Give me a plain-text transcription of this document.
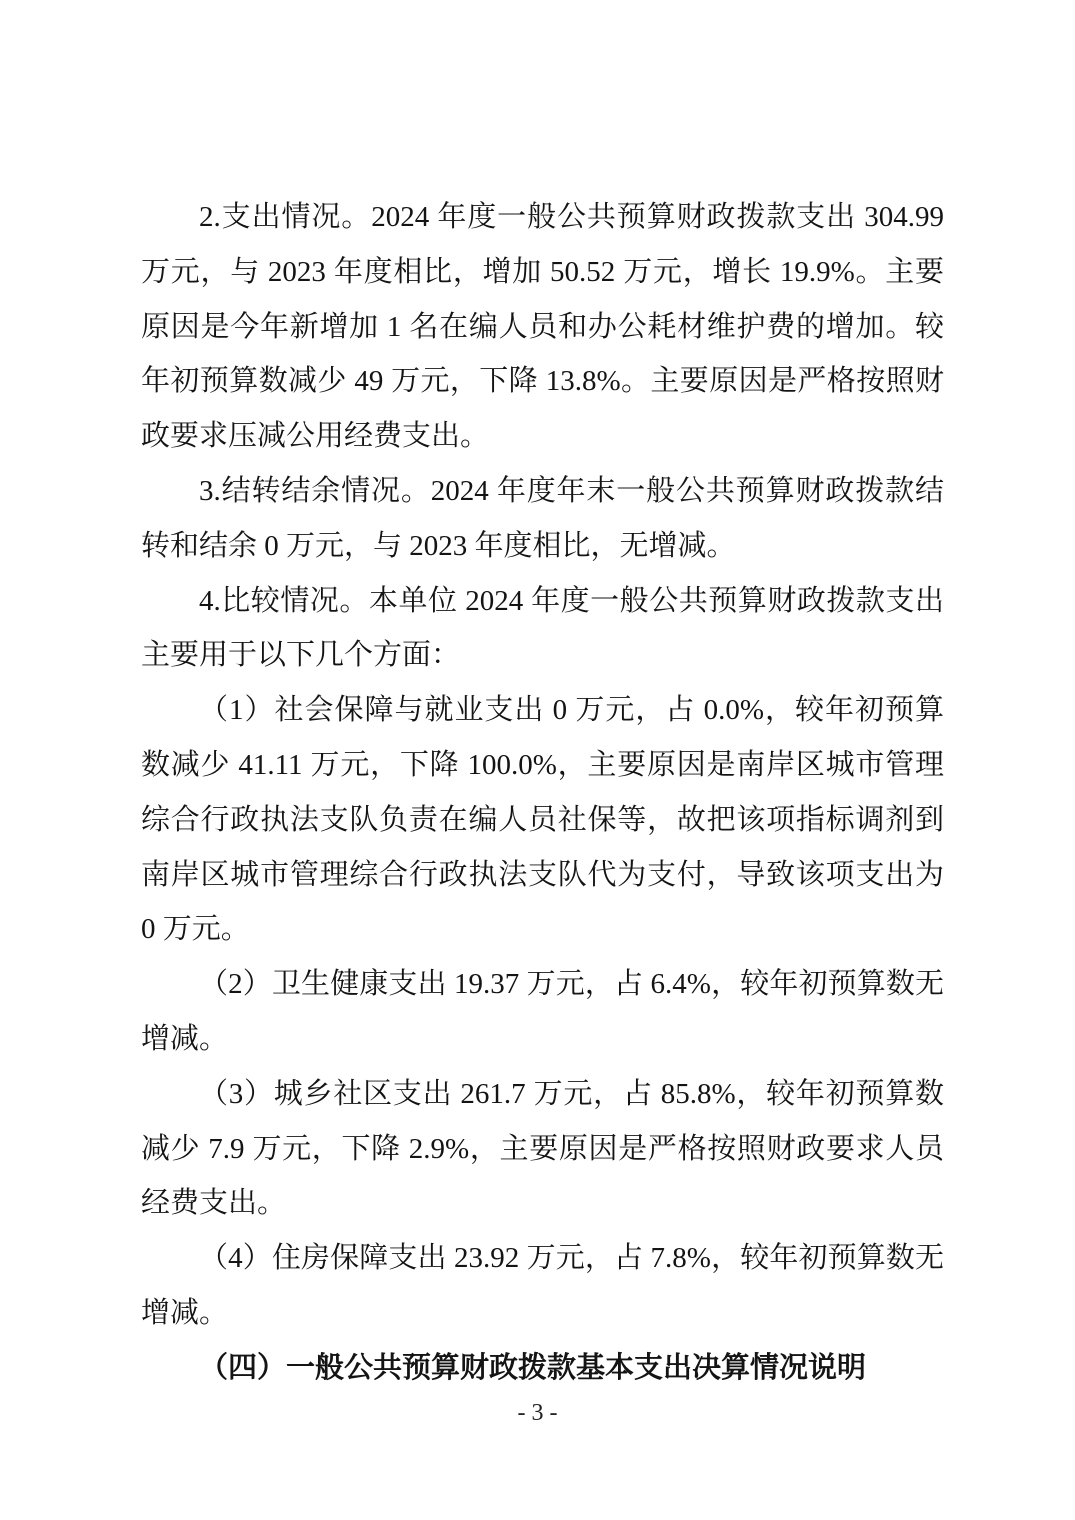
2.支出情况。2024 年度一般公共预算财政拨款支出 304.99 万元，与 2023 年度相比，增加 50.52 万元，增长 19.9%。主要原因是今年新增加 1 名在编人员和办公耗材维护费的增加。较年初预算数减少 49 万元，下降 13.8%。主要原因是严格按照财政要求压减公用经费支出。

3.结转结余情况。2024 年度年末一般公共预算财政拨款结转和结余 0 万元，与 2023 年度相比，无增减。

4.比较情况。本单位 2024 年度一般公共预算财政拨款支出主要用于以下几个方面：

（1）社会保障与就业支出 0 万元，占 0.0%，较年初预算数减少 41.11 万元，下降 100.0%，主要原因是南岸区城市管理综合行政执法支队负责在编人员社保等，故把该项指标调剂到南岸区城市管理综合行政执法支队代为支付，导致该项支出为 0 万元。

（2）卫生健康支出 19.37 万元，占 6.4%，较年初预算数无增减。

（3）城乡社区支出 261.7 万元，占 85.8%，较年初预算数减少 7.9 万元，下降 2.9%，主要原因是严格按照财政要求人员经费支出。

（4）住房保障支出 23.92 万元，占 7.8%，较年初预算数无增减。

（四）一般公共预算财政拨款基本支出决算情况说明

- 3 -
